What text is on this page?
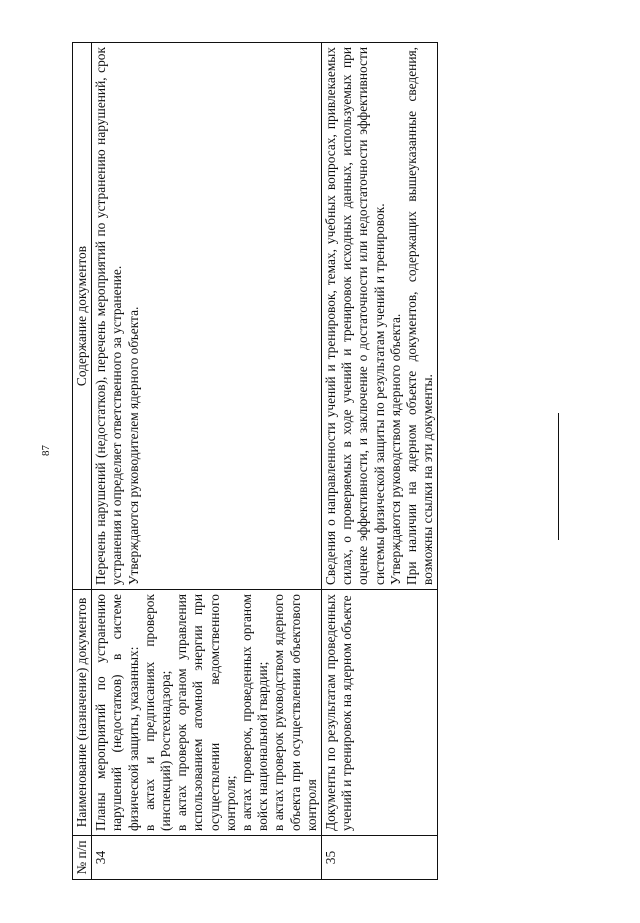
87
№ п/п	Наименование (назначение) документов	Содержание документов
34	Планы мероприятий по устранению нарушений (недостатков) в системе физической защиты, указанных: в актах и предписаниях проверок (инспекций) Ростехнадзора; в актах проверок органом управления использованием атомной энергии при осуществлении ведомственного контроля; в актах проверок, проведенных органом войск национальной гвардии; в актах проверок руководством ядерного объекта при осуществлении объектового контроля	Перечень нарушений (недостатков), перечень мероприятий по устранению нарушений, срок устранения и определяет ответственного за устранение. Утверждаются руководителем ядерного объекта.

35	Документы по результатам проведенных учений и тренировок на ядерном объекте	Сведения о направленности учений и тренировок, темах, учебных вопросах, привлекаемых силах, о проверяемых в ходе учений и тренировок исходных данных, используемых при оценке эффективности, и заключение о достаточности или недостаточности эффективности системы физической защиты по результатам учений и тренировок. Утверждаются руководством ядерного объекта. При наличии на ядерном объекте документов, содержащих вышеуказанные сведения, возможны ссылки на эти документы.
